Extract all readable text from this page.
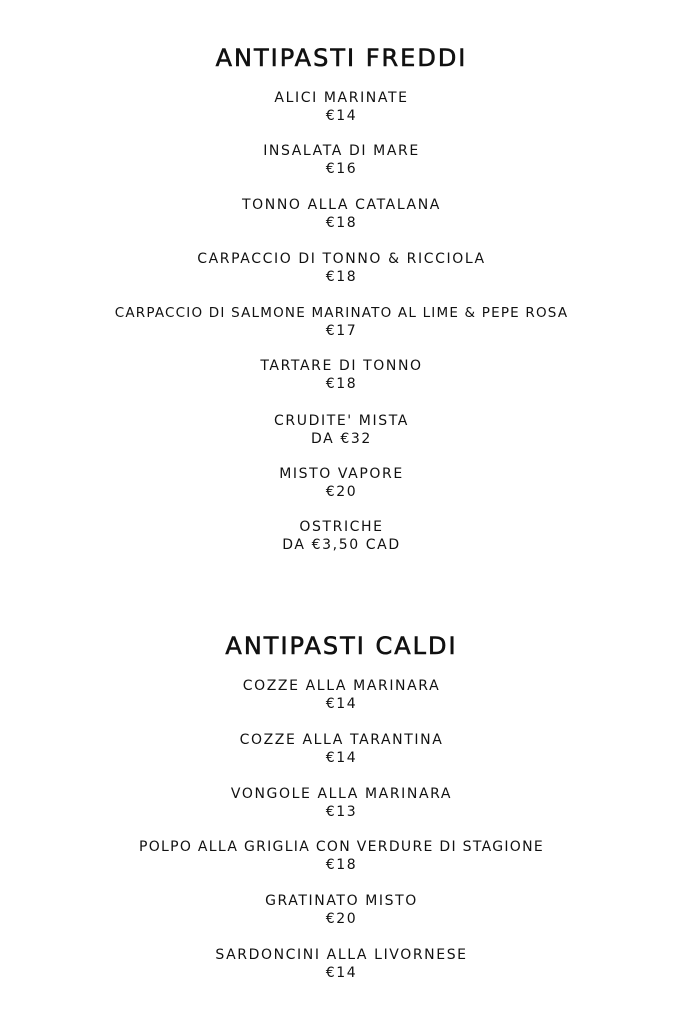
ANTIPASTI FREDDI
ALICI MARINATE
€14
INSALATA DI MARE
€16
TONNO ALLA CATALANA
€18
CARPACCIO DI TONNO & RICCIOLA
€18
CARPACCIO DI SALMONE MARINATO AL LIME & PEPE ROSA
€17
TARTARE DI TONNO
€18
CRUDITE' MISTA
DA €32
MISTO VAPORE
€20
OSTRICHE
DA €3,50 CAD
ANTIPASTI CALDI
COZZE ALLA MARINARA
€14
COZZE ALLA TARANTINA
€14
VONGOLE ALLA MARINARA
€13
POLPO ALLA GRIGLIA CON VERDURE DI STAGIONE
€18
GRATINATO MISTO
€20
SARDONCINI ALLA LIVORNESE
€14
